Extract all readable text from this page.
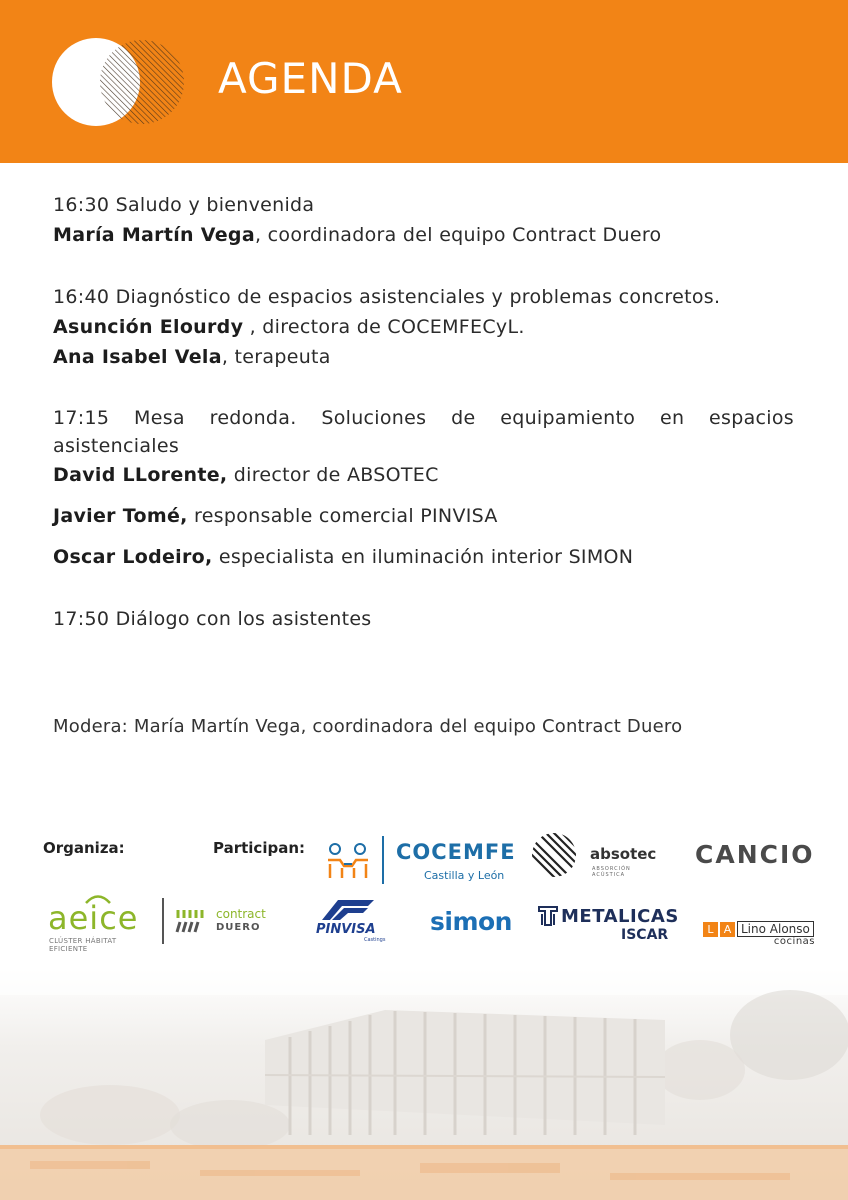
AGENDA

16:30 Saludo y bienvenida

María Martín Vega, coordinadora del equipo Contract Duero

16:40 Diagnóstico de espacios asistenciales y problemas concretos.

Asunción Elourdy , directora de COCEMFECyL.

Ana Isabel Vela, terapeuta

17:15 Mesa redonda. Soluciones de equipamiento en espacios asistenciales

David LLorente, director de ABSOTEC

Javier Tomé, responsable comercial PINVISA

Oscar Lodeiro, especialista en iluminación interior SIMON

17:50 Diálogo con los asistentes

Modera: María Martín Vega, coordinadora del equipo Contract Duero
Organiza:	Participan:	COCEMFE
Castilla y León
absotec
ABSORCIÓN ACÚSTICA
CANCIO
aeice
CLÚSTER HÁBITAT EFICIENTE
contract
DUERO	PINVISA
Castings
simon	METALICAS
ISCAR	L A Lino Alonso
cocinas
